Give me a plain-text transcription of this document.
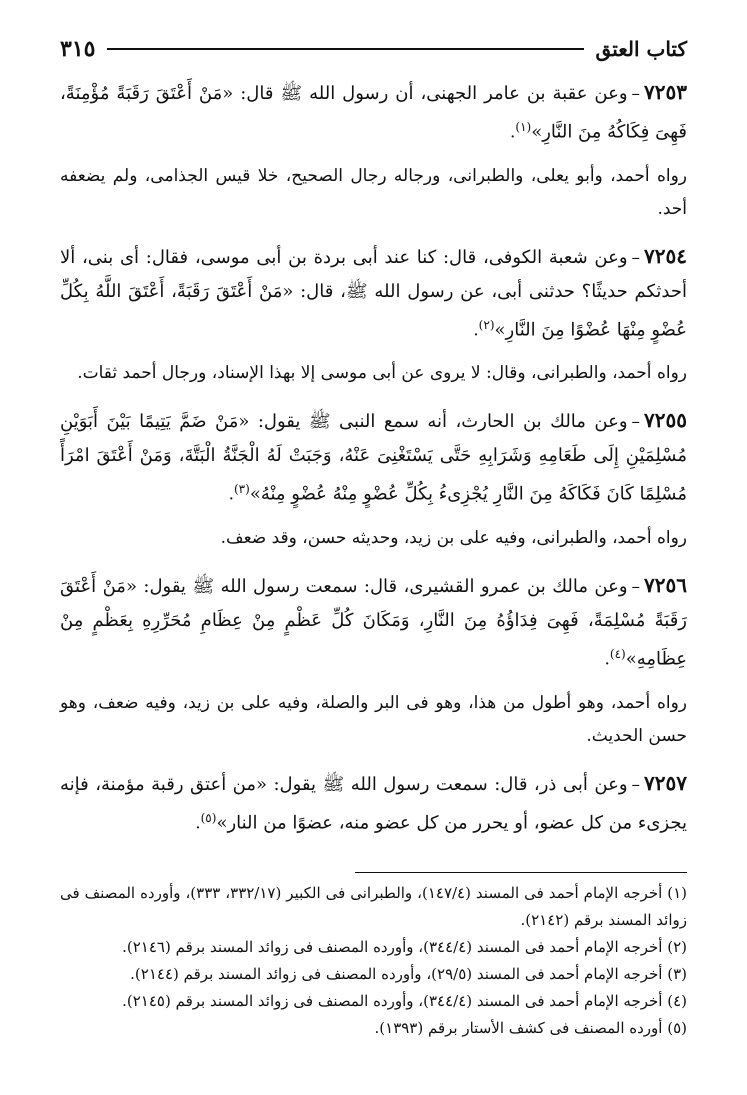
كتاب العتق
٣١٥

٧٢٥٣–وعن عقبة بن عامر الجهنى، أن رسول الله ﷺ قال: «مَنْ أَعْتَقَ رَقَبَةً مُؤْمِنَةً، فَهِىَ فِكَاكُهُ مِنَ النَّارِ»$^{(١)}$.

رواه أحمد، وأبو يعلى، والطبرانى، ورجاله رجال الصحيح، خلا قيس الجذامى، ولم يضعفه أحد.

٧٢٥٤–وعن شعبة الكوفى، قال: كنا عند أبى بردة بن أبى موسى، فقال: أى بنى، ألا أحدثكم حديثًا؟ حدثنى أبى، عن رسول الله ﷺ، قال: «مَنْ أَعْتَقَ رَقَبَةً، أَعْتَقَ اللَّهُ بِكُلِّ عُضْوٍ مِنْهَا عُضْوًا مِنَ النَّارِ»$^{(٢)}$.

رواه أحمد، والطبرانى، وقال: لا يروى عن أبى موسى إلا بهذا الإسناد، ورجال أحمد ثقات.

٧٢٥٥–وعن مالك بن الحارث، أنه سمع النبى ﷺ يقول: «مَنْ ضَمَّ يَتِيمًا بَيْنَ أَبَوَيْنِ مُسْلِمَيْنِ إِلَى طَعَامِهِ وَشَرَابِهِ حَتَّى يَسْتَغْنِىَ عَنْهُ، وَجَبَتْ لَهُ الْجَنَّةُ الْبَتَّةَ، وَمَنْ أَعْتَقَ امْرَأً مُسْلِمًا كَانَ فَكَاكَهُ مِنَ النَّارِ يُجْزِىءُ بِكُلِّ عُضْوٍ مِنْهُ عُضْوٍ مِنْهُ»$^{(٣)}$.

رواه أحمد، والطبرانى، وفيه على بن زيد، وحديثه حسن، وقد ضعف.

٧٢٥٦–وعن مالك بن عمرو القشيرى، قال: سمعت رسول الله ﷺ يقول: «مَنْ أَعْتَقَ رَقَبَةً مُسْلِمَةً، فَهِىَ فِدَاؤُهُ مِنَ النَّارِ، وَمَكَانَ كُلِّ عَظْمٍ مِنْ عِظَامِ مُحَرِّرِهِ بِعَظْمٍ مِنْ عِظَامِهِ»$^{(٤)}$.

رواه أحمد، وهو أطول من هذا، وهو فى البر والصلة، وفيه على بن زيد، وفيه ضعف، وهو حسن الحديث.

٧٢٥٧–وعن أبى ذر، قال: سمعت رسول الله ﷺ يقول: «من أعتق رقبة مؤمنة، فإنه يجزىء من كل عضو، أو يحرر من كل عضو منه، عضوًا من النار»$^{(٥)}$.

(١) أخرجه الإمام أحمد فى المسند (١٤٧/٤)، والطبرانى فى الكبير (٣٣٢/١٧، ٣٣٣)، وأورده المصنف فى زوائد المسند برقم (٢١٤٢).

(٢) أخرجه الإمام أحمد فى المسند (٣٤٤/٤)، وأورده المصنف فى زوائد المسند برقم (٢١٤٦).

(٣) أخرجه الإمام أحمد فى المسند (٢٩/٥)، وأورده المصنف فى زوائد المسند برقم (٢١٤٤).

(٤) أخرجه الإمام أحمد فى المسند (٣٤٤/٤)، وأورده المصنف فى زوائد المسند برقم (٢١٤٥).

(٥) أورده المصنف فى كشف الأستار برقم (١٣٩٣).
